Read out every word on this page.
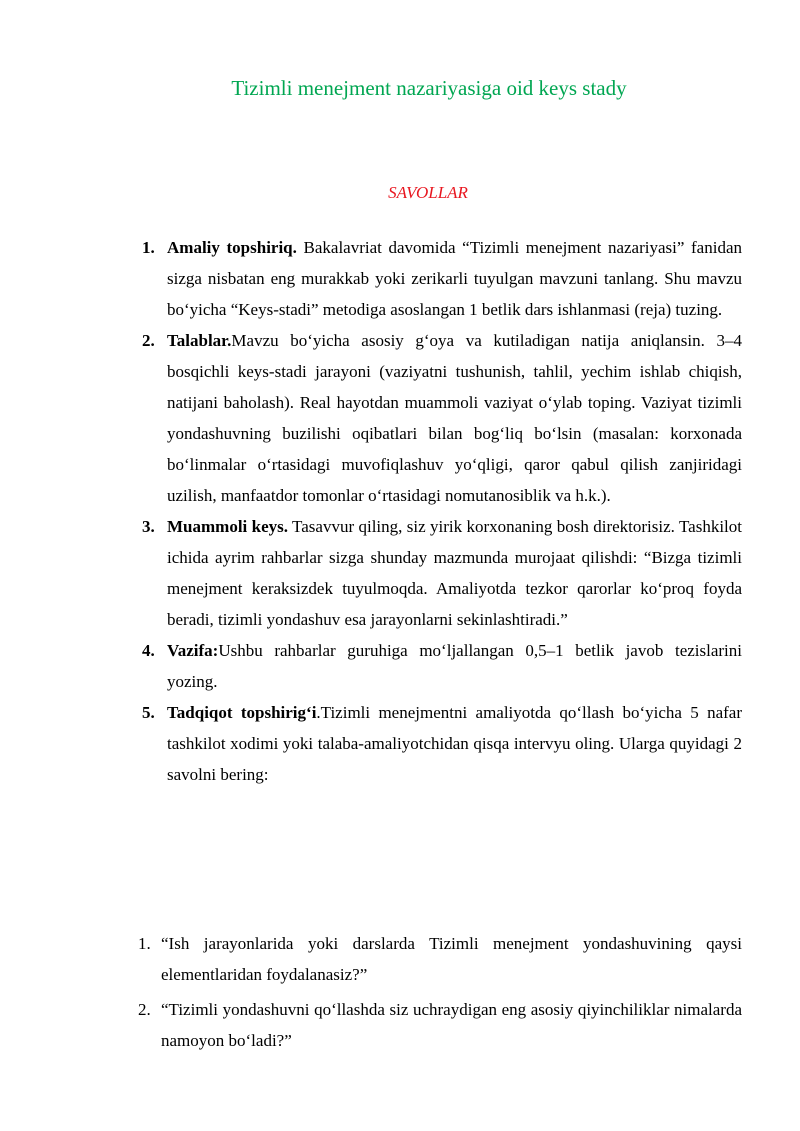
Tizimli menejment nazariyasiga oid keys stady
SAVOLLAR
1. Amaliy topshiriq. Bakalavriat davomida “Tizimli menejment nazariyasi” fanidan sizga nisbatan eng murakkab yoki zerikarli tuyulgan mavzuni tanlang. Shu mavzu bo‘yicha “Keys-stadi” metodiga asoslangan 1 betlik dars ishlanmasi (reja) tuzing.
2. Talablar.Mavzu bo‘yicha asosiy g‘oya va kutiladigan natija aniqlansin. 3–4 bosqichli keys-stadi jarayoni (vaziyatni tushunish, tahlil, yechim ishlab chiqish, natijani baholash). Real hayotdan muammoli vaziyat o‘ylab toping. Vaziyat tizimli yondashuvning buzilishi oqibatlari bilan bog‘liq bo‘lsin (masalan: korxonada bo‘linmalar o‘rtasidagi muvofiqlashuv yo‘qligi, qaror qabul qilish zanjiridagi uzilish, manfaatdor tomonlar o‘rtasidagi nomutanosiblik va h.k.).
3. Muammoli keys. Tasavvur qiling, siz yirik korxonaning bosh direktorisiz. Tashkilot ichida ayrim rahbarlar sizga shunday mazmunda murojaat qilishdi: “Bizga tizimli menejment keraksizdek tuyulmoqda. Amaliyotda tezkor qarorlar ko‘proq foyda beradi, tizimli yondashuv esa jarayonlarni sekinlashtiradi.”
4. Vazifa:Ushbu rahbarlar guruhiga mo‘ljallangan 0,5–1 betlik javob tezislarini yozing.
5. Tadqiqot topshirig‘i.Tizimli menejmentni amaliyotda qo‘llash bo‘yicha 5 nafar tashkilot xodimi yoki talaba-amaliyotchidan qisqa intervyu oling. Ularga quyidagi 2 savolni bering:
1. “Ish jarayonlarida yoki darslarda Tizimli menejment yondashuvining qaysi elementlaridan foydalanasiz?”
2. “Tizimli yondashuvni qo‘llashda siz uchraydigan eng asosiy qiyinchiliklar nimalarda namoyon bo‘ladi?”
